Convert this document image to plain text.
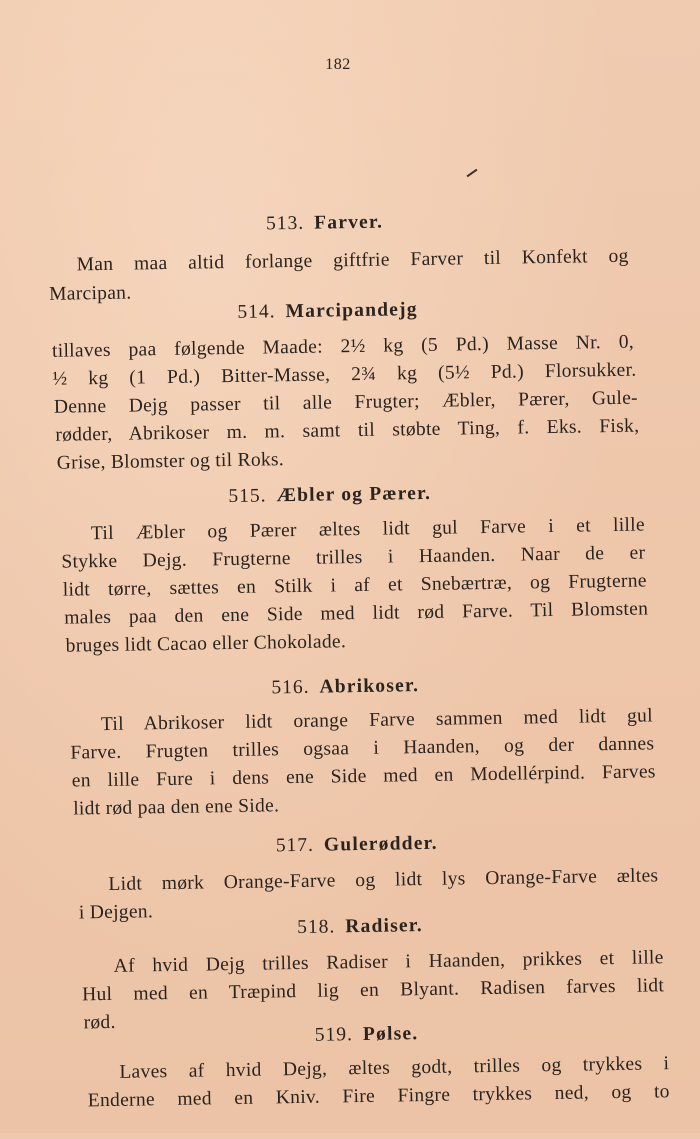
182
513. Farver.
Man maa altid forlange giftfrie Farver til Konfekt og
Marcipan.
514. Marcipandejg
tillaves paa følgende Maade: 2½ kg (5 Pd.) Masse Nr. 0,
½ kg (1 Pd.) Bitter-Masse, 2¾ kg (5½ Pd.) Florsukker.
Denne Dejg passer til alle Frugter; Æbler, Pærer, Gule-
rødder, Abrikoser m. m. samt til støbte Ting, f. Eks. Fisk,
Grise, Blomster og til Roks.
515. Æbler og Pærer.
Til Æbler og Pærer æltes lidt gul Farve i et lille
Stykke Dejg. Frugterne trilles i Haanden. Naar de er
lidt tørre, sættes en Stilk i af et Snebærtræ, og Frugterne
males paa den ene Side med lidt rød Farve. Til Blomsten
bruges lidt Cacao eller Chokolade.
516. Abrikoser.
Til Abrikoser lidt orange Farve sammen med lidt gul
Farve. Frugten trilles ogsaa i Haanden, og der dannes
en lille Fure i dens ene Side med en Modellérpind. Farves
lidt rød paa den ene Side.
517. Gulerødder.
Lidt mørk Orange-Farve og lidt lys Orange-Farve æltes
i Dejgen.
518. Radiser.
Af hvid Dejg trilles Radiser i Haanden, prikkes et lille
Hul med en Træpind lig en Blyant. Radisen farves lidt
rød.
519. Pølse.
Laves af hvid Dejg, æltes godt, trilles og trykkes i
Enderne med en Kniv. Fire Fingre trykkes ned, og to
